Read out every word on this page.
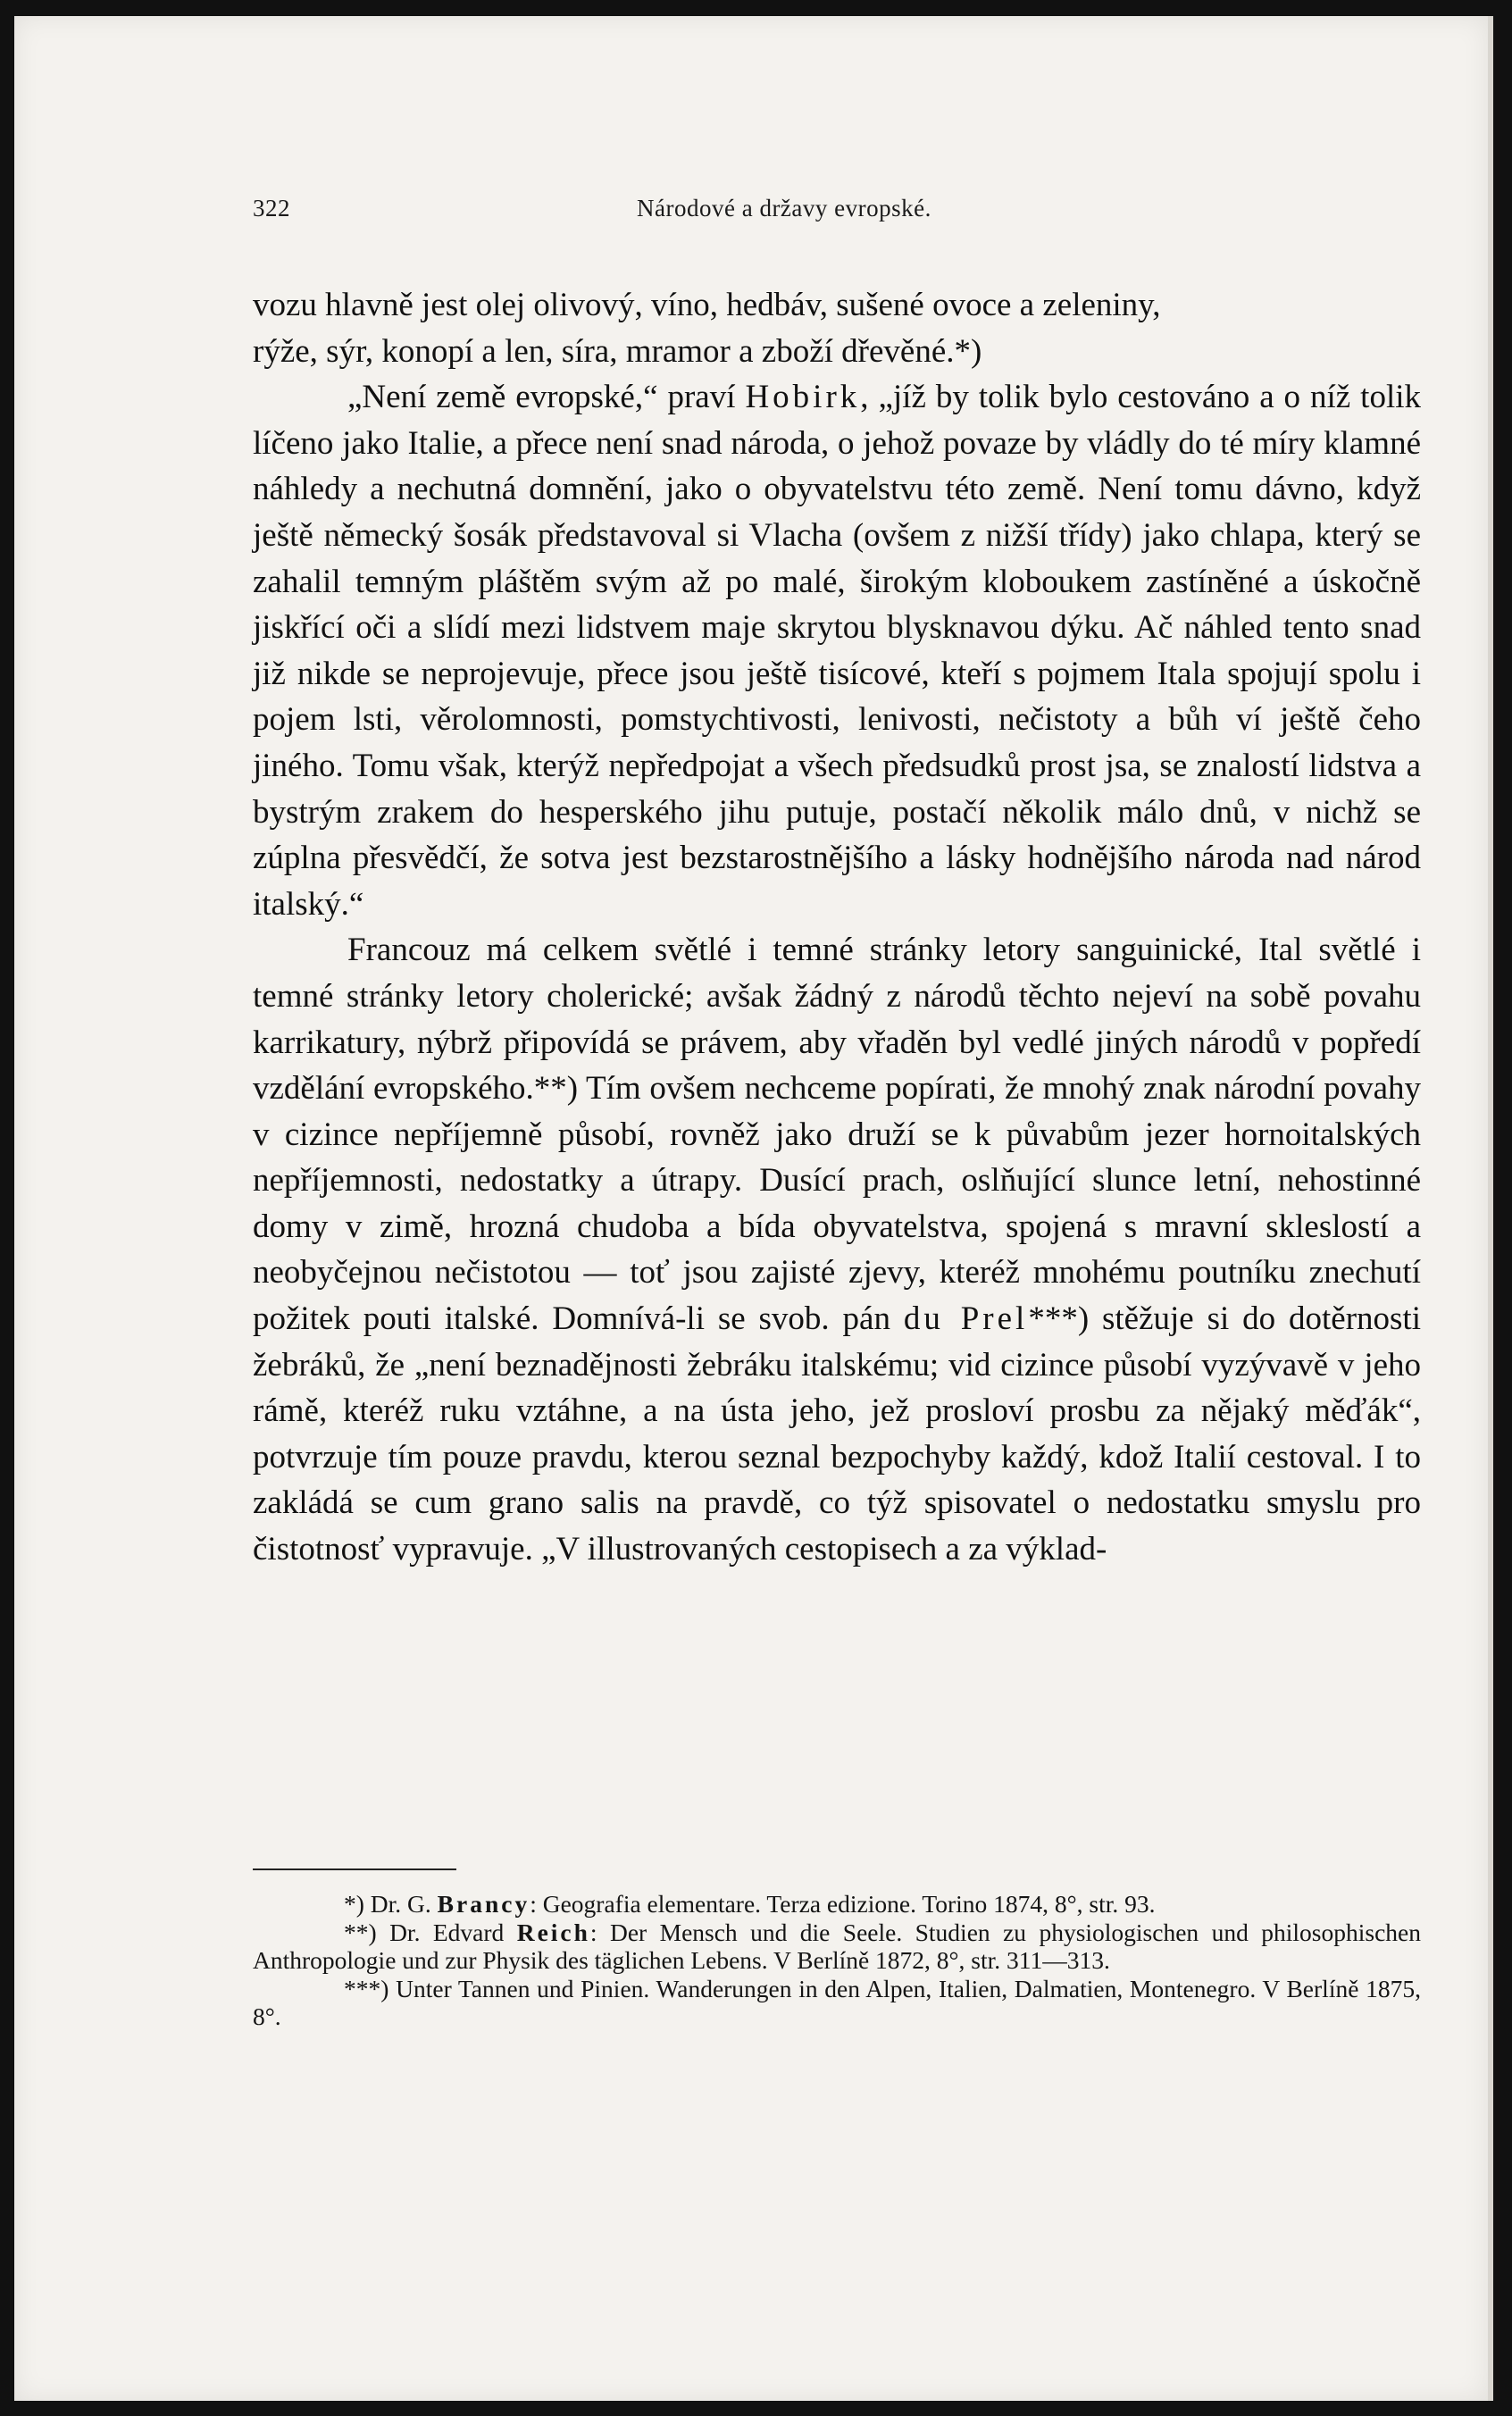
322	Národové a državy evropské.

vozu hlavně jest olej olivový, víno, hedbáv, sušené ovoce a zeleniny,
rýže, sýr, konopí a len, síra, mramor a zboží dřevěné.*)

„Není země evropské,“ praví Hobirk, „jíž by tolik bylo cestováno a o níž tolik líčeno jako Italie, a přece není snad národa, o jehož povaze by vládly do té míry klamné náhledy a nechutná domnění, jako o obyvatelstvu této země. Není tomu dávno, když ještě německý šosák představoval si Vlacha (ovšem z nižší třídy) jako chlapa, který se zahalil temným pláštěm svým až po malé, širokým kloboukem zastíněné a úskočně jiskřící oči a slídí mezi lidstvem maje skrytou blysknavou dýku. Ač náhled tento snad již nikde se neprojevuje, přece jsou ještě tisícové, kteří s pojmem Itala spojují spolu i pojem lsti, věrolomnosti, pomstychtivosti, lenivosti, nečistoty a bůh ví ještě čeho jiného. Tomu však, kterýž nepředpojat a všech předsudků prost jsa, se znalostí lidstva a bystrým zrakem do hesperského jihu putuje, postačí několik málo dnů, v nichž se zúplna přesvědčí, že sotva jest bezstarostnějšího a lásky hodnějšího národa nad národ italský.“

Francouz má celkem světlé i temné stránky letory sanguinické, Ital světlé i temné stránky letory cholerické; avšak žádný z národů těchto nejeví na sobě povahu karrikatury, nýbrž připovídá se právem, aby vřaděn byl vedlé jiných národů v popředí vzdělání evropského.**) Tím ovšem nechceme popírati, že mnohý znak národní povahy v cizince nepříjemně působí, rovněž jako druží se k půvabům jezer hornoitalských nepříjemnosti, nedostatky a útrapy. Dusící prach, oslňující slunce letní, nehostinné domy v zimě, hrozná chudoba a bída obyvatelstva, spojená s mravní skleslostí a neobyčejnou nečistotou — toť jsou zajisté zjevy, kteréž mnohému poutníku znechutí požitek pouti italské. Domnívá-li se svob. pán du Prel***) stěžuje si do dotěrnosti žebráků, že „není beznadějnosti žebráku italskému; vid cizince působí vyzývavě v jeho rámě, kteréž ruku vztáhne, a na ústa jeho, jež prosloví prosbu za nějaký měďák“, potvrzuje tím pouze pravdu, kterou seznal bezpochyby každý, kdož Italií cestoval. I to zakládá se cum grano salis na pravdě, co týž spisovatel o nedostatku smyslu pro čistotnosť vypravuje. „V illustrovaných cestopisech a za výklad-

*) Dr. G. Brancy: Geografia elementare. Terza edizione. Torino 1874, 8°, str. 93.

**) Dr. Edvard Reich: Der Mensch und die Seele. Studien zu physiologischen und philosophischen Anthropologie und zur Physik des täglichen Lebens. V Berlíně 1872, 8°, str. 311—313.

***) Unter Tannen und Pinien. Wanderungen in den Alpen, Italien, Dalmatien, Montenegro. V Berlíně 1875, 8°.
